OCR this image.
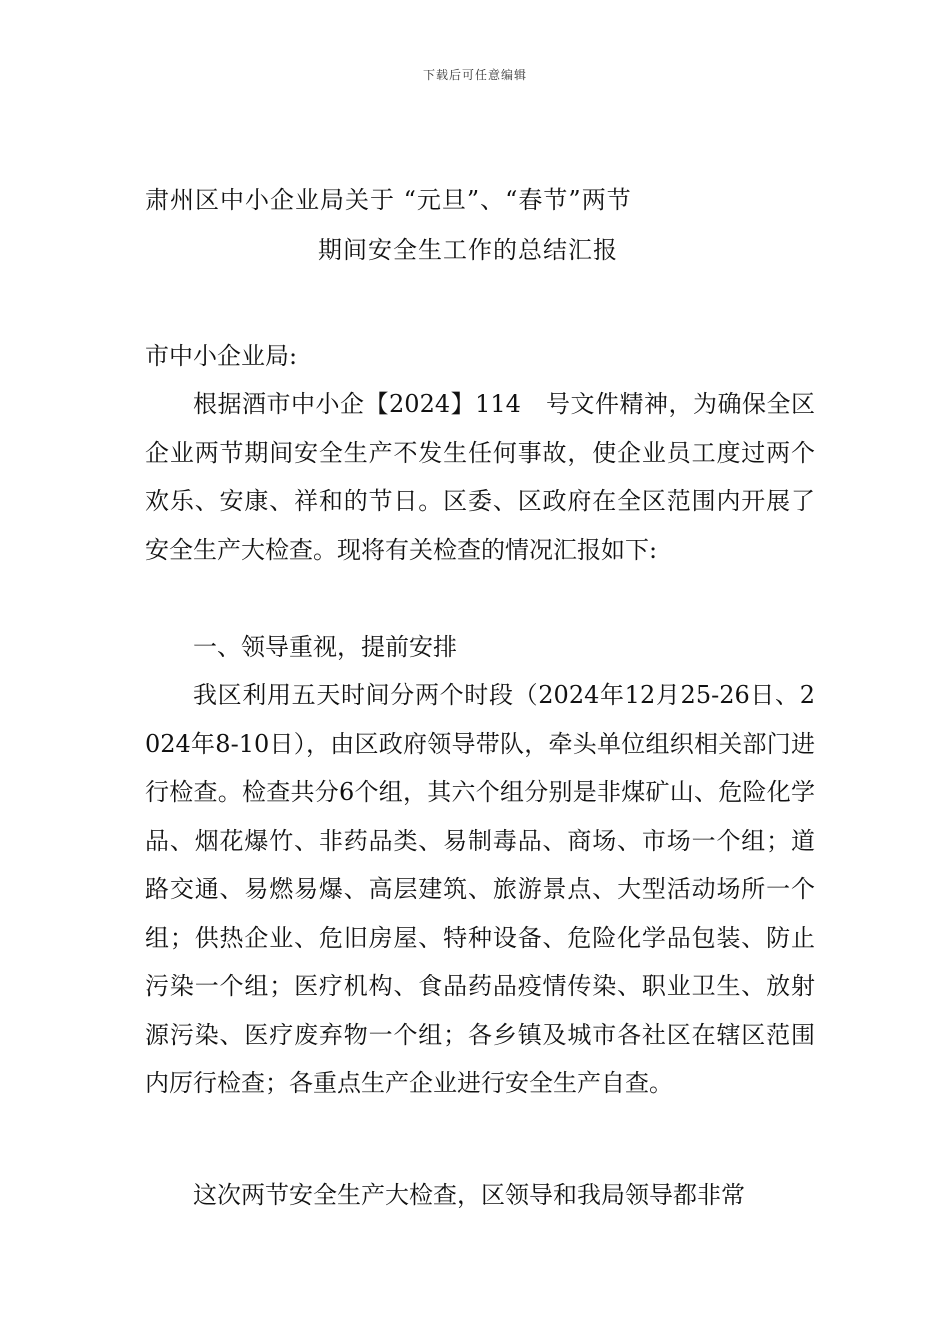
下载后可任意编辑
肃州区中小企业局关于 “元旦”、“春节”两节
期间安全生工作的总结汇报
市中小企业局:

根据酒市中小企【2024】114　号文件精神，为确保全区企业两节期间安全生产不发生任何事故，使企业员工度过两个欢乐、安康、祥和的节日。区委、区政府在全区范围内开展了安全生产大检查。现将有关检查的情况汇报如下:

一、领导重视，提前安排

我区利用五天时间分两个时段（2024年12月25-26日、2024年8-10日），由区政府领导带队，牵头单位组织相关部门进行检查。检查共分6个组，其六个组分别是非煤矿山、危险化学品、烟花爆竹、非药品类、易制毒品、商场、市场一个组；道路交通、易燃易爆、高层建筑、旅游景点、大型活动场所一个组；供热企业、危旧房屋、特种设备、危险化学品包装、防止污染一个组；医疗机构、食品药品疫情传染、职业卫生、放射源污染、医疗废弃物一个组；各乡镇及城市各社区在辖区范围内厉行检查；各重点生产企业进行安全生产自查。

这次两节安全生产大检查，区领导和我局领导都非常
